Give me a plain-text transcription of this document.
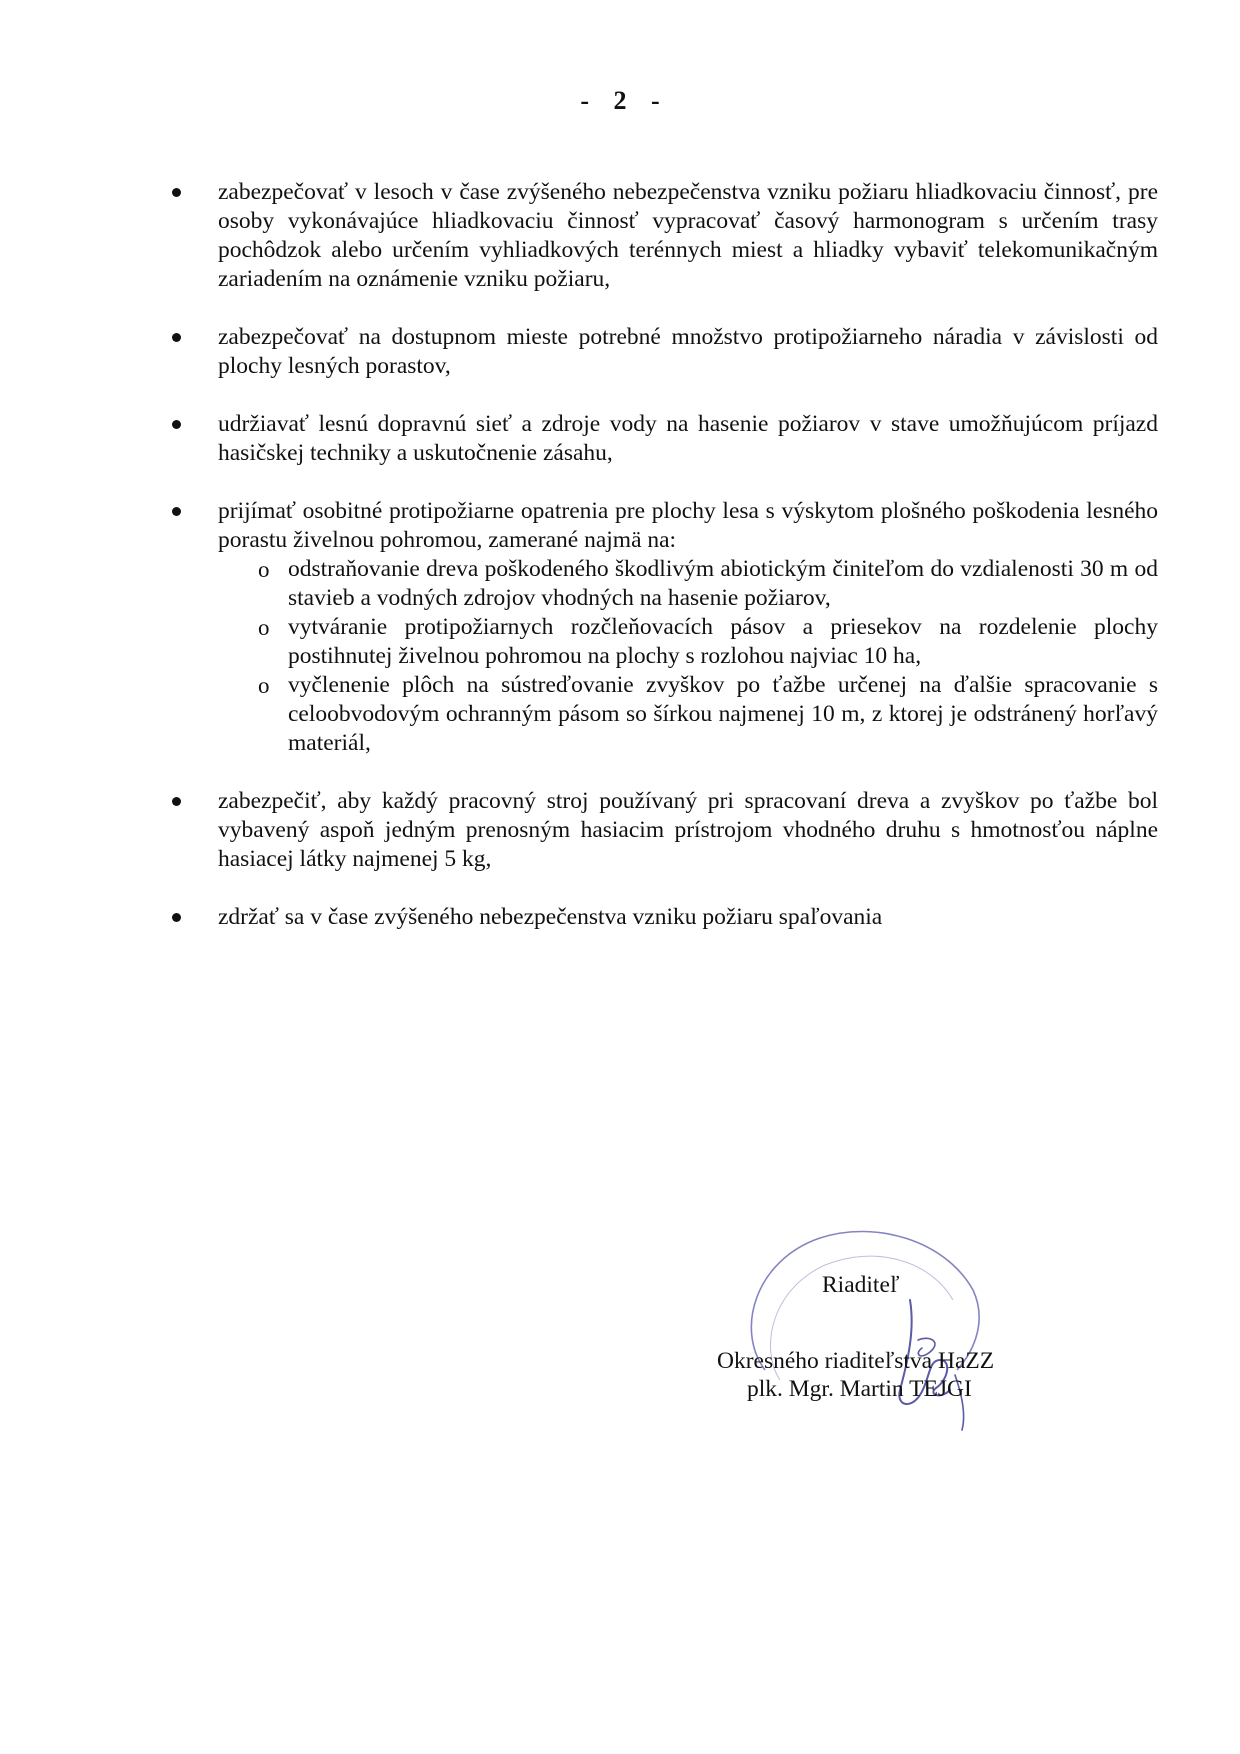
- 2 -
zabezpečovať v lesoch v čase zvýšeného nebezpečenstva vzniku požiaru hliadkovaciu činnosť, pre osoby vykonávajúce hliadkovaciu činnosť vypracovať časový harmonogram s určením trasy pochôdzok alebo určením vyhliadkových terénnych miest a hliadky vybaviť telekomunikačným zariadením na oznámenie vzniku požiaru,
zabezpečovať na dostupnom mieste potrebné množstvo protipožiarneho náradia v závislosti od plochy lesných porastov,
udržiavať lesnú dopravnú sieť a zdroje vody na hasenie požiarov v stave umožňujúcom príjazd hasičskej techniky a uskutočnenie zásahu,
prijímať osobitné protipožiarne opatrenia pre plochy lesa s výskytom plošného poškodenia lesného porastu živelnou pohromou, zamerané najmä na:
o odstraňovanie dreva poškodeného škodlivým abiotickým činiteľom do vzdialenosti 30 m od stavieb a vodných zdrojov vhodných na hasenie požiarov,
o vytváranie protipožiarnych rozčleňovacích pásov a priesekov na rozdelenie plochy postihnutej živelnou pohromou na plochy s rozlohou najviac 10 ha,
o vyčlenenie plôch na sústreďovanie zvyškov po ťažbe určenej na ďalšie spracovanie s celoobvodovým ochranným pásom so šírkou najmenej 10 m, z ktorej je odstránený horľavý materiál,
zabezpečiť, aby každý pracovný stroj používaný pri spracovaní dreva a zvyškov po ťažbe bol vybavený aspoň jedným prenosným hasiacim prístrojom vhodného druhu s hmotnosťou náplne hasiacej látky najmenej 5 kg,
zdržať sa v čase zvýšeného nebezpečenstva vzniku požiaru spaľovania
Riaditeľ
Okresného riaditeľstva HaZZ
plk. Mgr. Martin TEJGI
